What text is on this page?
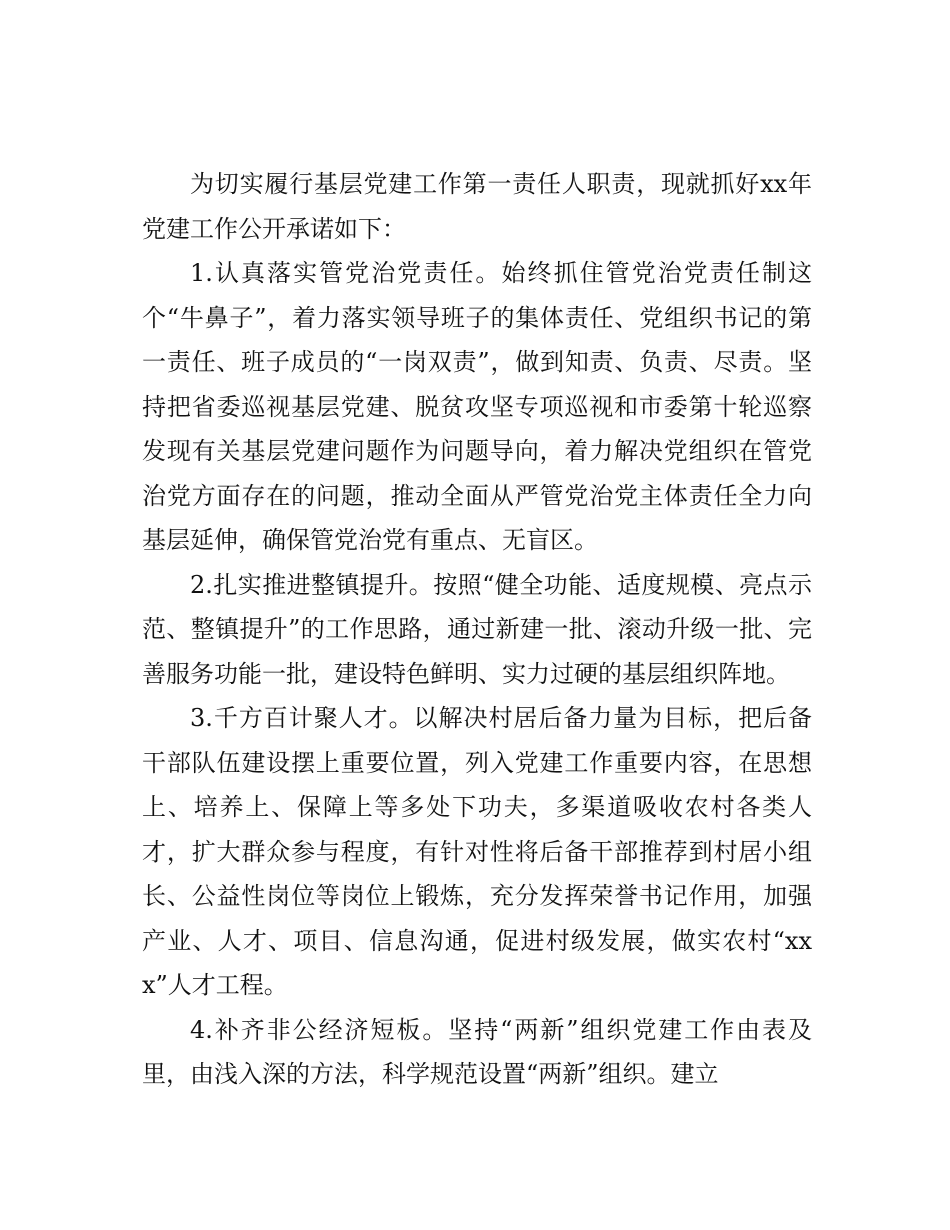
为切实履行基层党建工作第一责任人职责，现就抓好xx年党建工作公开承诺如下：

1.认真落实管党治党责任。始终抓住管党治党责任制这个“牛鼻子”，着力落实领导班子的集体责任、党组织书记的第一责任、班子成员的“一岗双责”，做到知责、负责、尽责。坚持把省委巡视基层党建、脱贫攻坚专项巡视和市委第十轮巡察发现有关基层党建问题作为问题导向，着力解决党组织在管党治党方面存在的问题，推动全面从严管党治党主体责任全力向基层延伸，确保管党治党有重点、无盲区。

2.扎实推进整镇提升。按照“健全功能、适度规模、亮点示范、整镇提升”的工作思路，通过新建一批、滚动升级一批、完善服务功能一批，建设特色鲜明、实力过硬的基层组织阵地。

3.千方百计聚人才。以解决村居后备力量为目标，把后备干部队伍建设摆上重要位置，列入党建工作重要内容，在思想上、培养上、保障上等多处下功夫，多渠道吸收农村各类人才，扩大群众参与程度，有针对性将后备干部推荐到村居小组长、公益性岗位等岗位上锻炼，充分发挥荣誉书记作用，加强产业、人才、项目、信息沟通，促进村级发展，做实农村“xxx”人才工程。

4.补齐非公经济短板。坚持“两新”组织党建工作由表及里，由浅入深的方法，科学规范设置“两新”组织。建立
